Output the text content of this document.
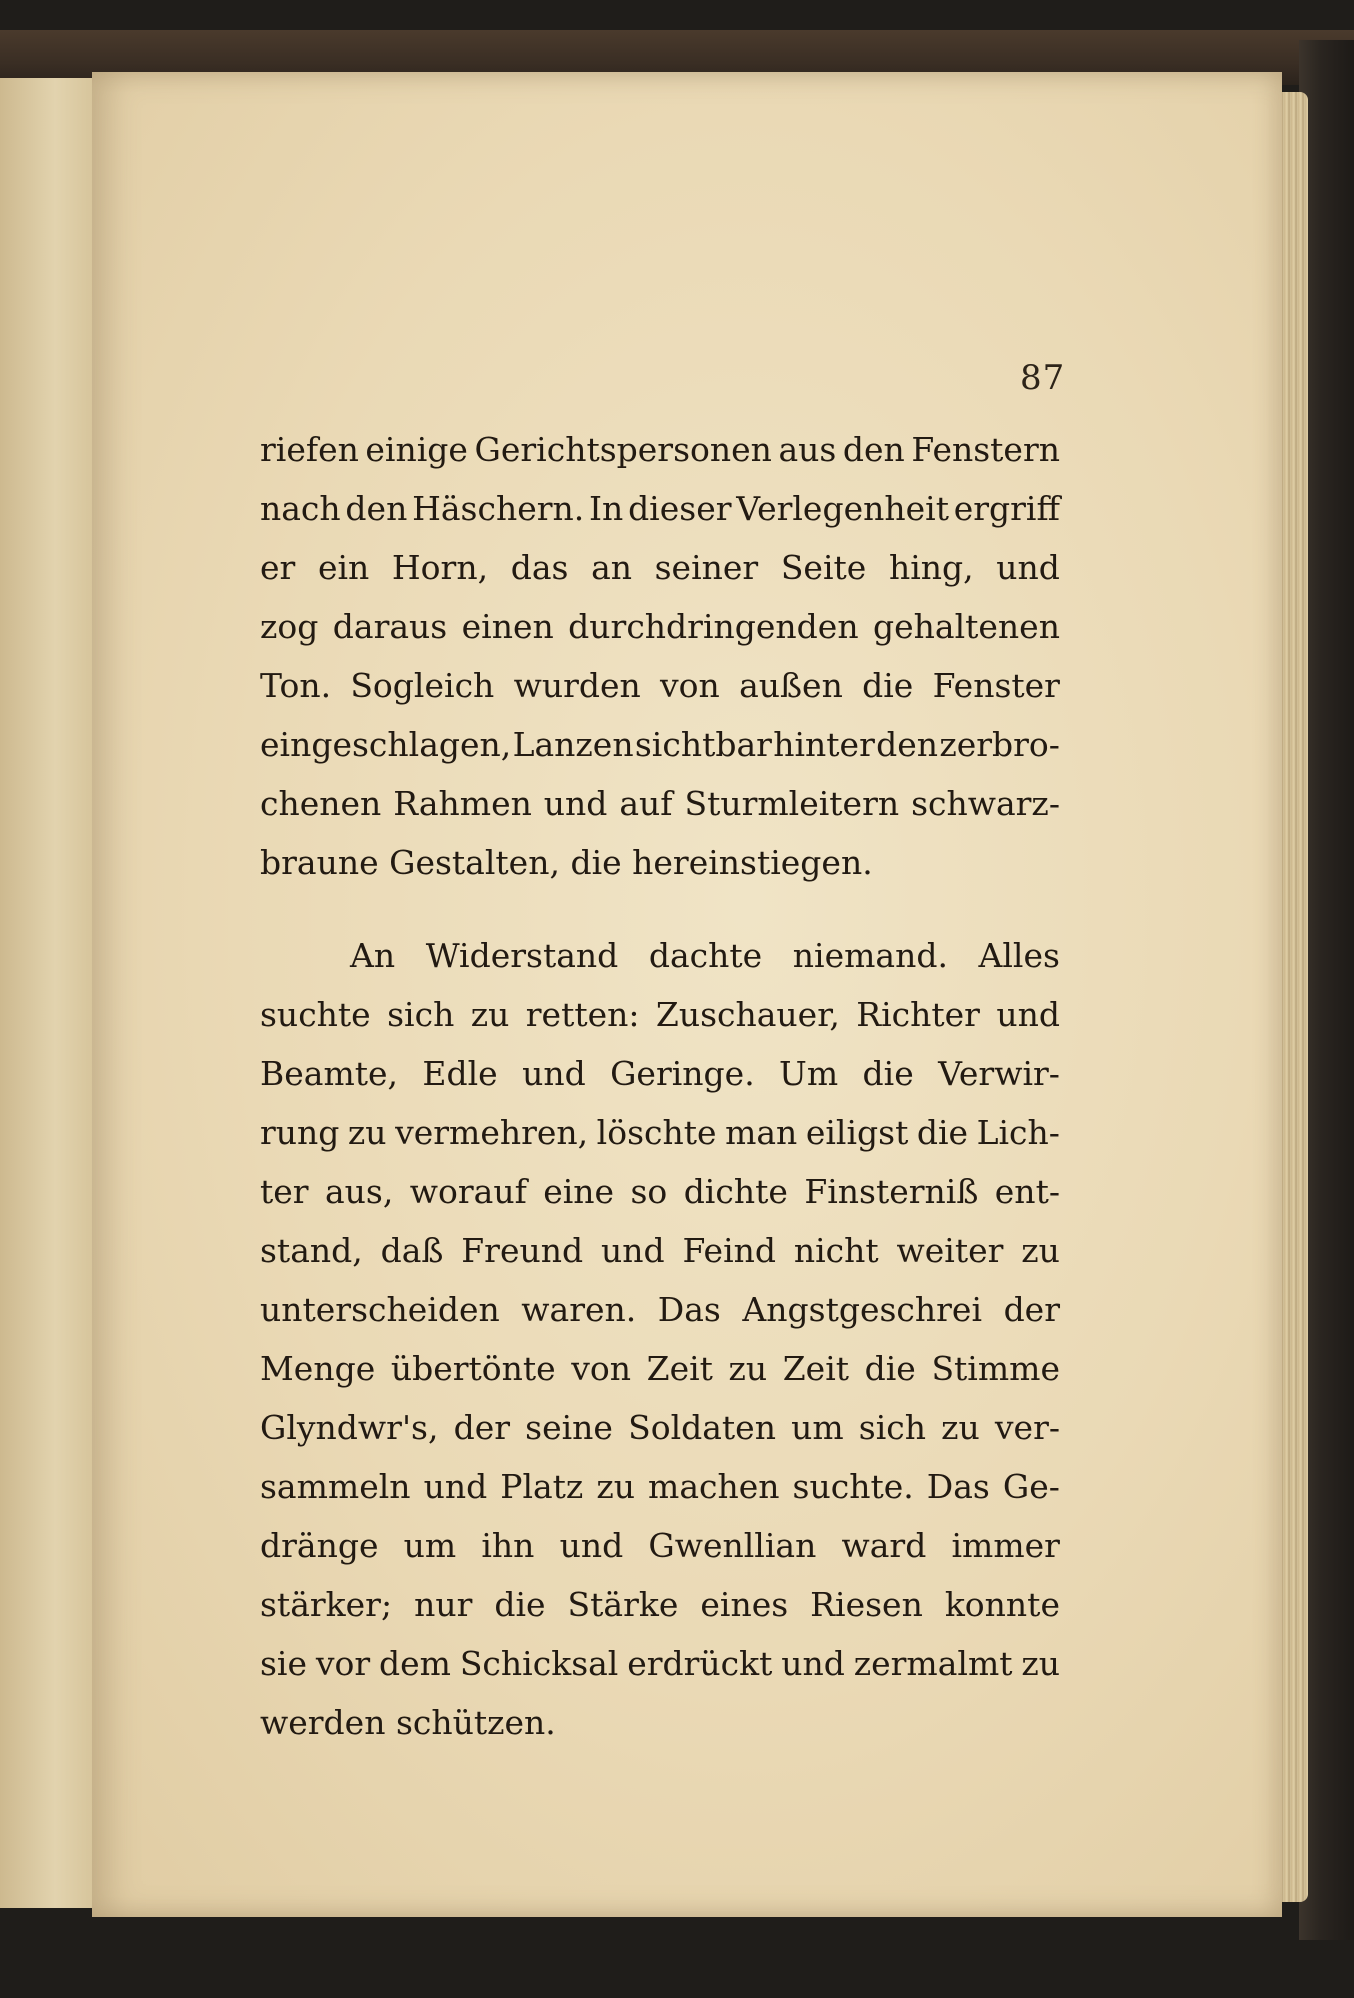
87
riefen einige Gerichtspersonen aus den Fenstern
nach den Häschern. In dieser Verlegenheit ergriff
er ein Horn, das an seiner Seite hing, und
zog daraus einen durchdringenden gehaltenen
Ton. Sogleich wurden von außen die Fenster
eingeschlagen, Lanzen sichtbar hinter den zerbro-
chenen Rahmen und auf Sturmleitern schwarz-
braune Gestalten, die hereinstiegen.
An Widerstand dachte niemand. Alles
suchte sich zu retten: Zuschauer, Richter und
Beamte, Edle und Geringe. Um die Verwir-
rung zu vermehren, löschte man eiligst die Lich-
ter aus, worauf eine so dichte Finsterniß ent-
stand, daß Freund und Feind nicht weiter zu
unterscheiden waren. Das Angstgeschrei der
Menge übertönte von Zeit zu Zeit die Stimme
Glyndwr's, der seine Soldaten um sich zu ver-
sammeln und Platz zu machen suchte. Das Ge-
dränge um ihn und Gwenllian ward immer
stärker; nur die Stärke eines Riesen konnte
sie vor dem Schicksal erdrückt und zermalmt zu
werden schützen.
